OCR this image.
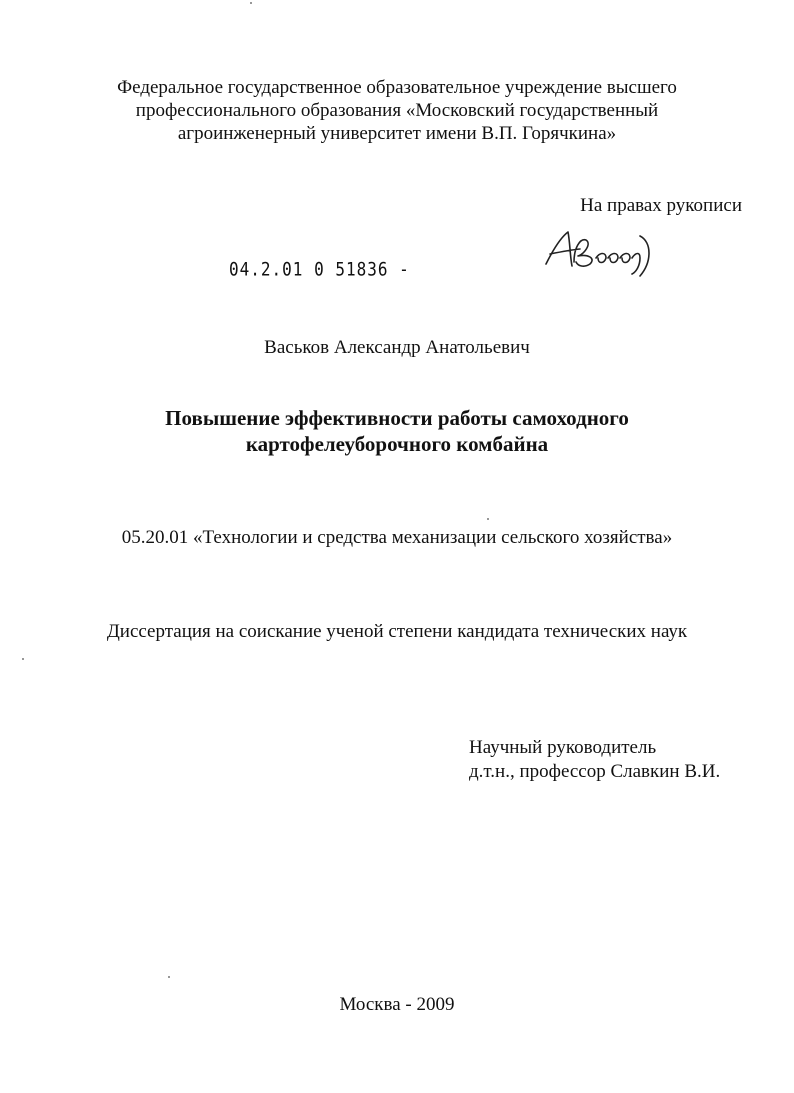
Федеральное государственное образовательное учреждение высшего
профессионального образования «Московский государственный
агроинженерный университет имени В.П. Горячкина»
На правах рукописи
04.2.01 0 51836 -
Васьков Александр Анатольевич
Повышение эффективности работы самоходного
картофелеуборочного комбайна
05.20.01 «Технологии и средства механизации сельского хозяйства»
Диссертация на соискание ученой степени кандидата технических наук
Научный руководитель
д.т.н., профессор Славкин В.И.
Москва - 2009
